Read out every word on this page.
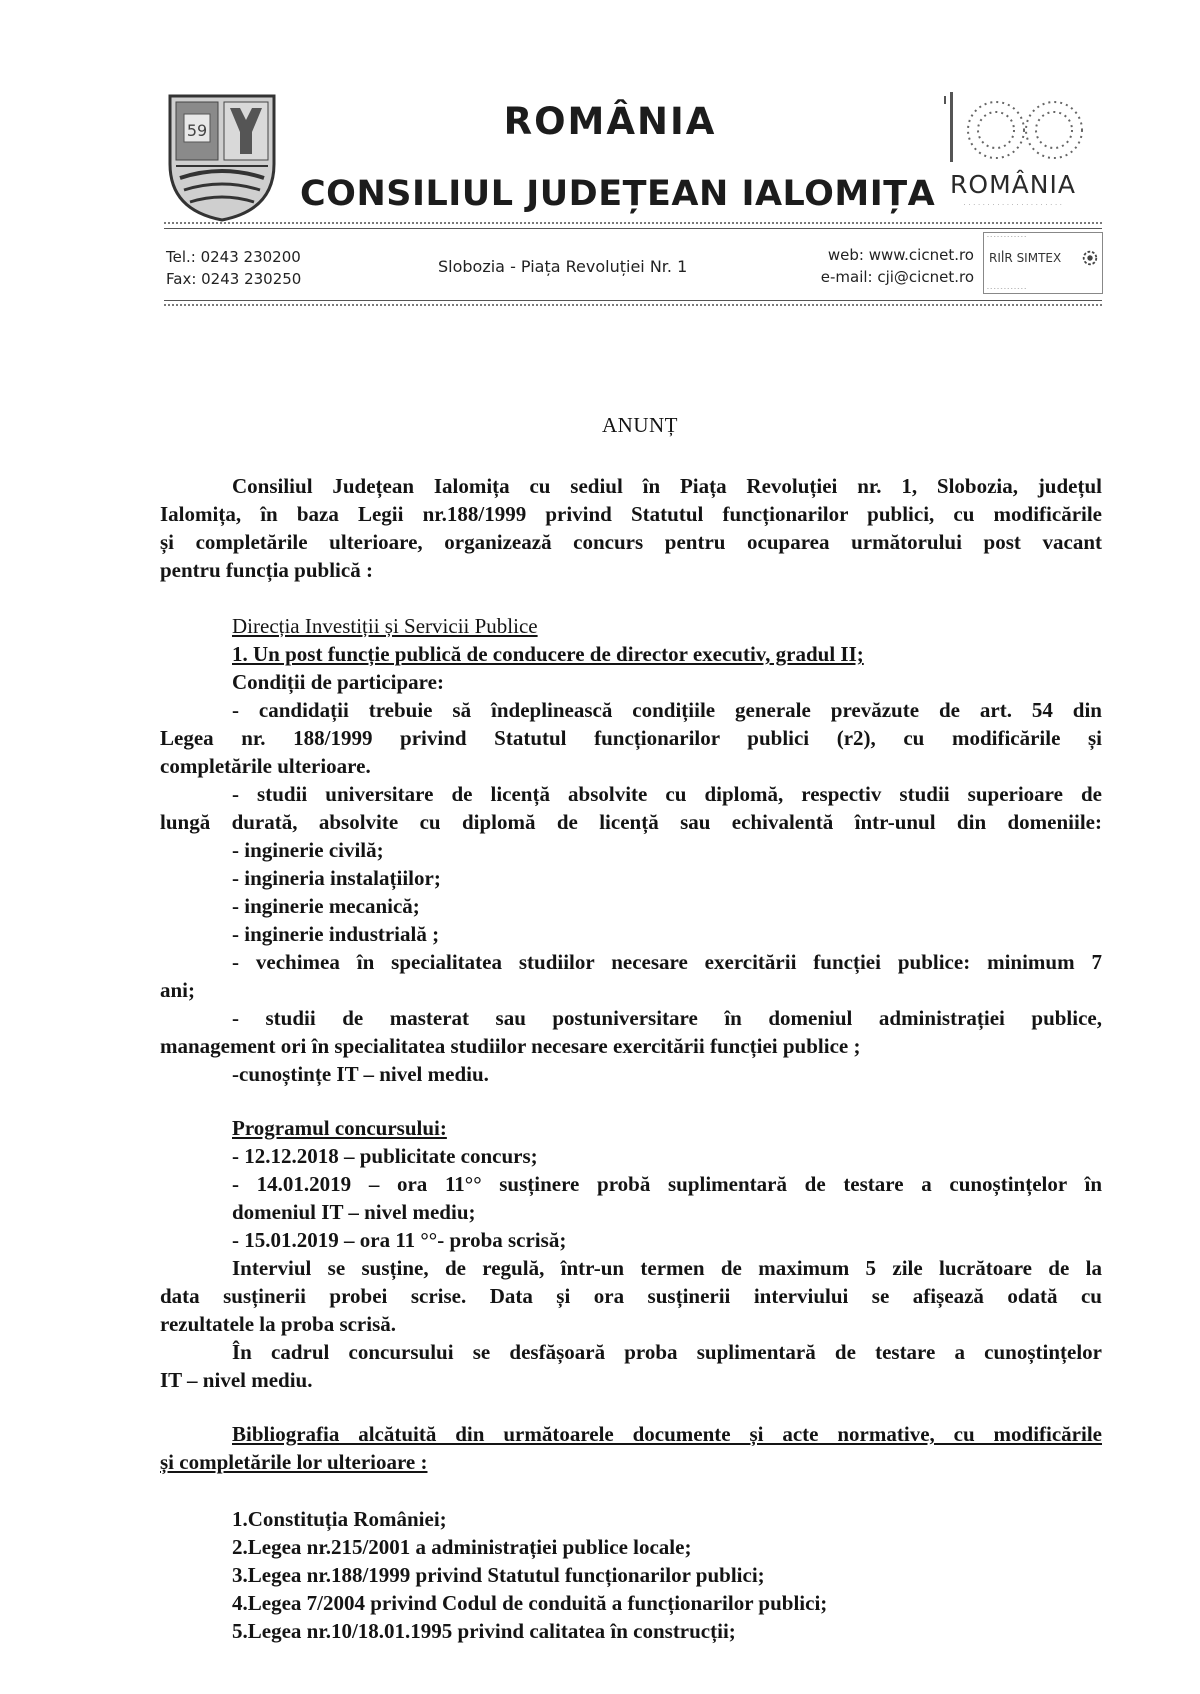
59	ROMÂNIA
CONSILIUL JUDEȚEAN IALOMIȚA ROMÂNIA
· · · · · · · · · · · · · · · · · · · · ·
Tel.: 0243 230200
Fax: 0243 230250
Slobozia - Piața Revoluției Nr. 1
web: www.cicnet.ro
e-mail: cji@cicnet.ro
- - - - - - - - - - - -
RIꟾR SIMTEX
- - - - - - - - - - - -
ANUNȚ
Consiliul Județean Ialomița cu sediul în Piața Revoluției nr. 1, Slobozia, județul
Ialomița, în baza Legii nr.188/1999 privind Statutul funcționarilor publici, cu modificările
și completările ulterioare, organizează concurs pentru ocuparea următorului post vacant
pentru funcția publică :
Direcția Investiții și Servicii Publice
1. Un post funcție publică de conducere de director executiv, gradul II;
Condiții de participare:
- candidații trebuie să îndeplinească condițiile generale prevăzute de art. 54 din
Legea nr. 188/1999 privind Statutul funcționarilor publici (r2), cu modificările și
completările ulterioare.
- studii universitare de licență absolvite cu diplomă, respectiv studii superioare de
lungă durată, absolvite cu diplomă de licență sau echivalentă într-unul din domeniile:
- inginerie civilă;
- ingineria instalațiilor;
- inginerie mecanică;
- inginerie industrială ;
- vechimea în specialitatea studiilor necesare exercitării funcției publice: minimum 7
ani;
- studii de masterat sau postuniversitare în domeniul administrației publice,
management ori în specialitatea studiilor necesare exercitării funcției publice ;
-cunoștințe IT – nivel mediu.
Programul concursului:
- 12.12.2018 – publicitate concurs;
- 14.01.2019 – ora 11°° susținere probă suplimentară de testare a cunoștințelor în
domeniul IT – nivel mediu;
- 15.01.2019 – ora 11 °°- proba scrisă;
Interviul se susține, de regulă, într-un termen de maximum 5 zile lucrătoare de la
data susținerii probei scrise. Data și ora susținerii interviului se afișează odată cu
rezultatele la proba scrisă.
În cadrul concursului se desfășoară proba suplimentară de testare a cunoștințelor
IT – nivel mediu.
Bibliografia alcătuită din următoarele documente și acte normative, cu modificările
și completările lor ulterioare :
1.Constituția României;
2.Legea nr.215/2001 a administrației publice locale;
3.Legea nr.188/1999 privind Statutul funcționarilor publici;
4.Legea 7/2004 privind Codul de conduită a funcționarilor publici;
5.Legea nr.10/18.01.1995 privind calitatea în construcții;
